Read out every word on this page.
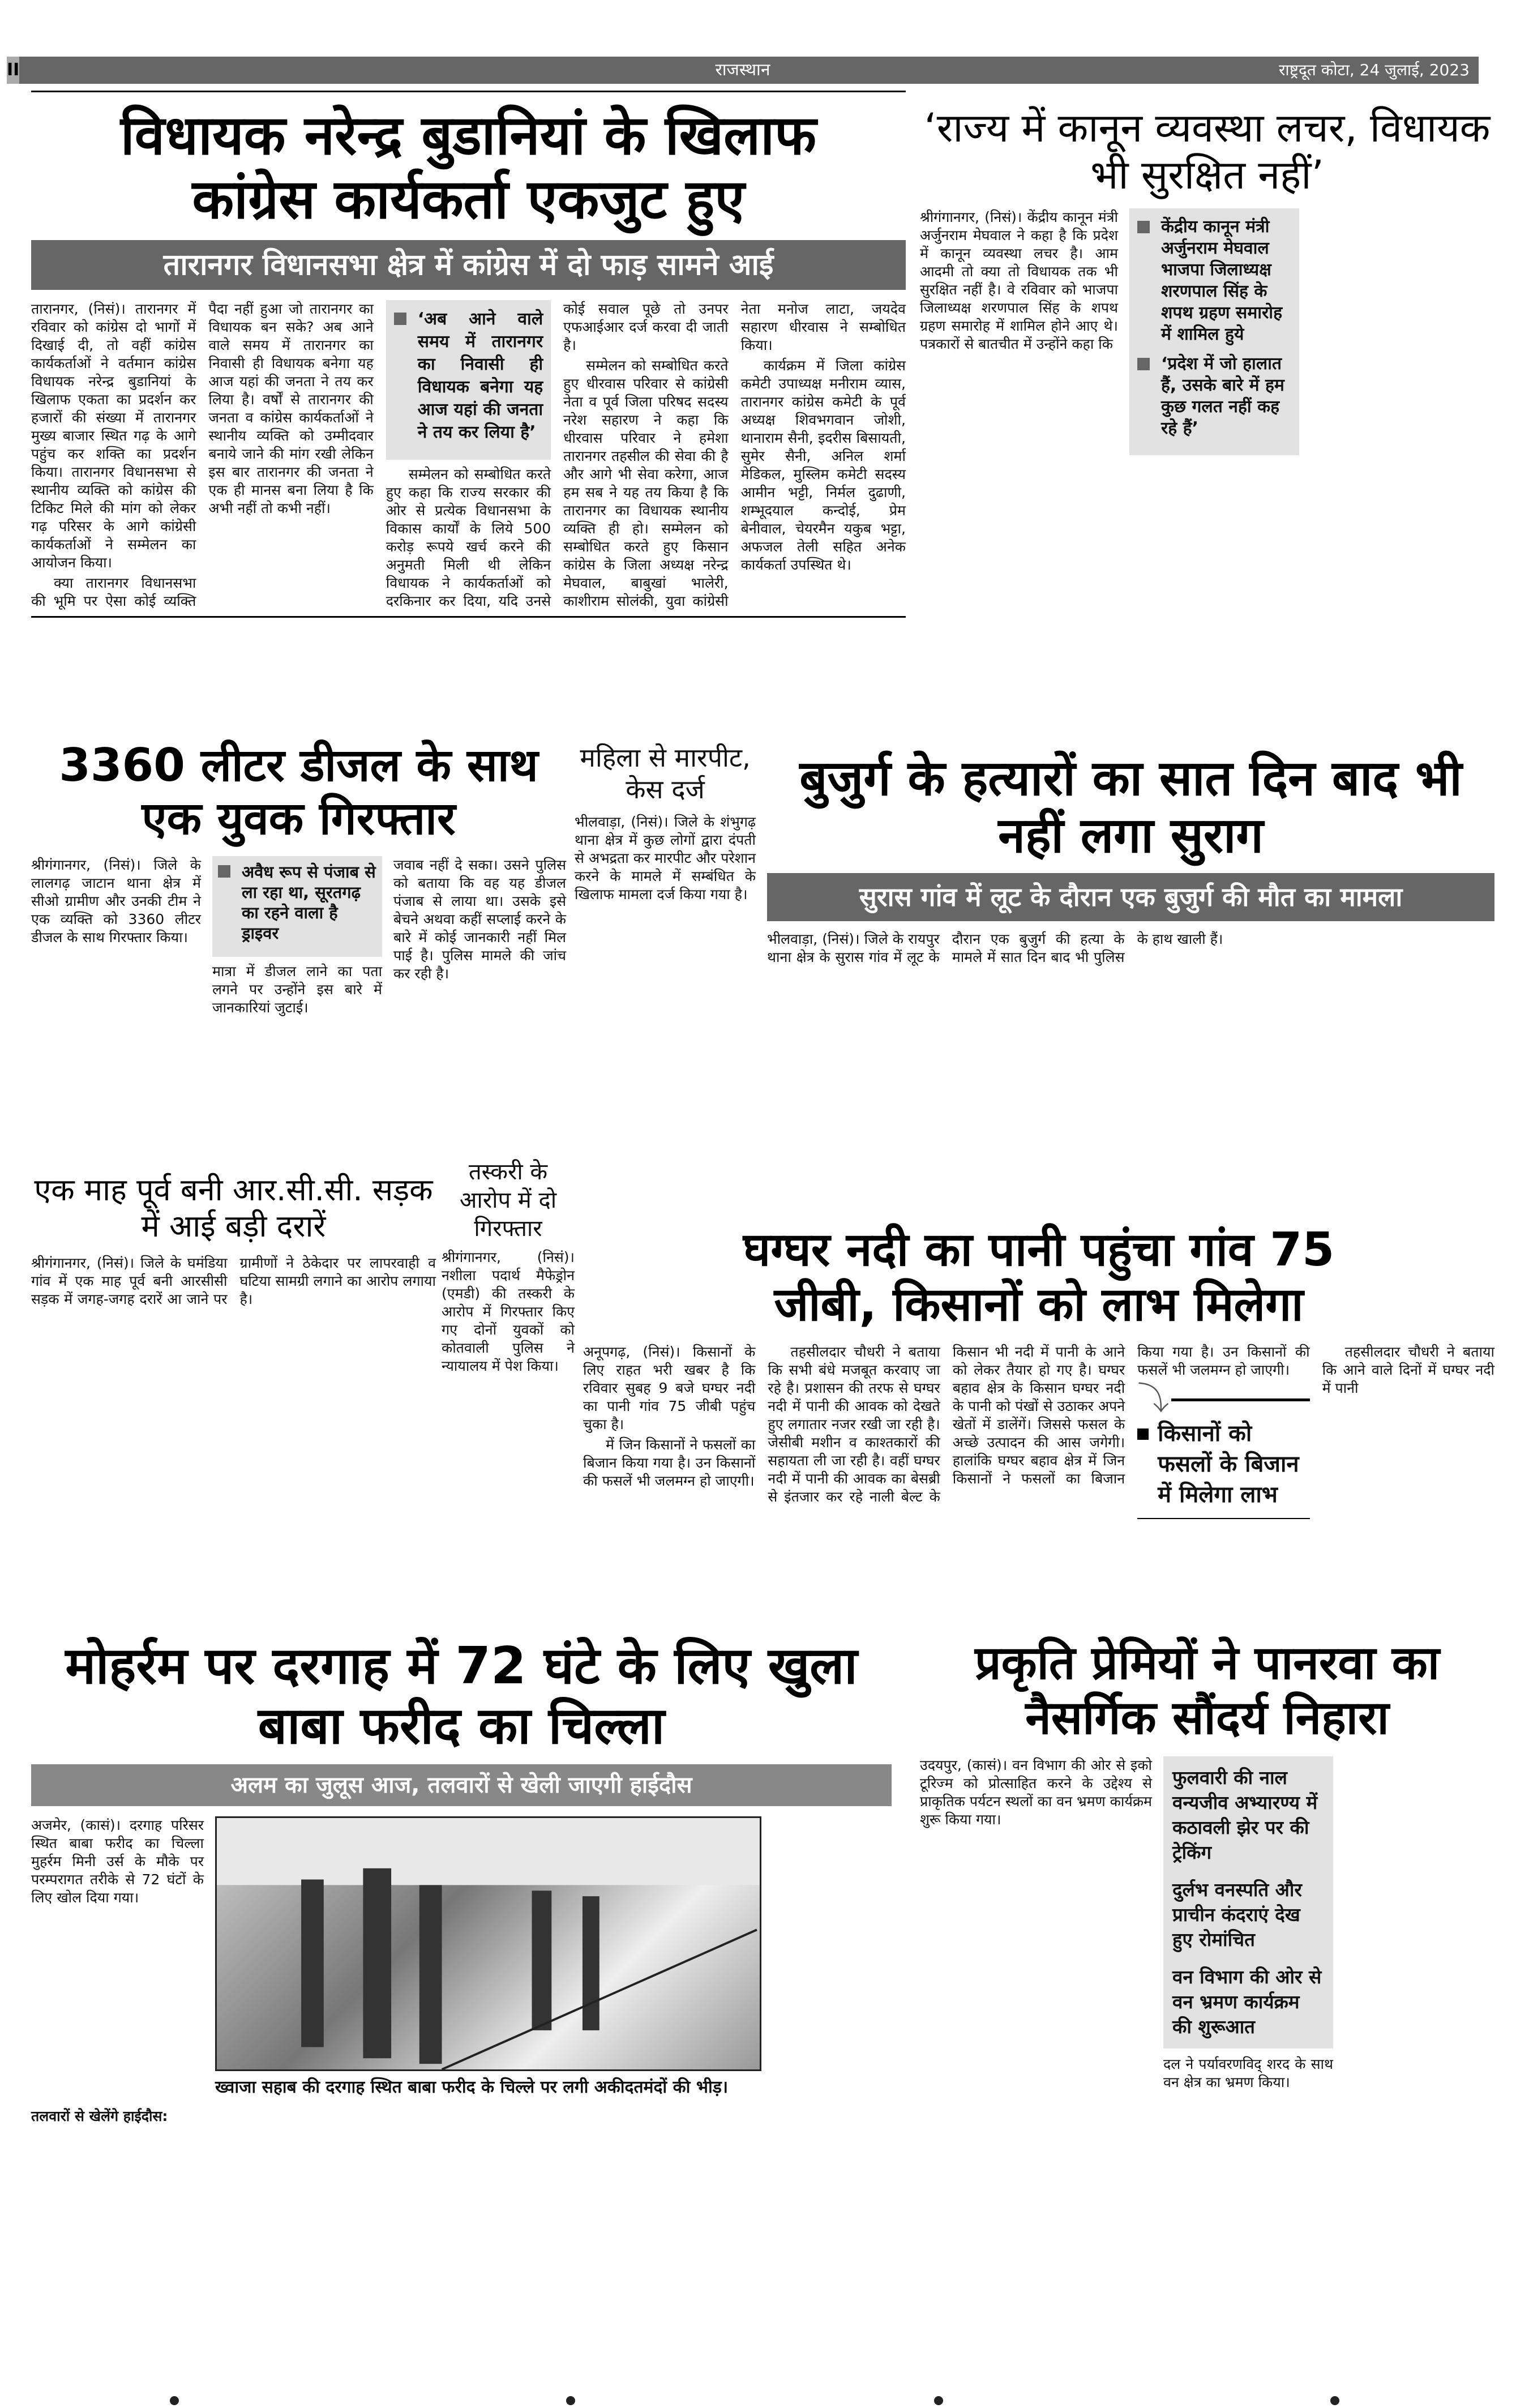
II	राजस्थान	राष्ट्रदूत कोटा, 24 जुलाई, 2023
विधायक नरेन्द्र बुडानियां के खिलाफ कांग्रेस कार्यकर्ता एकजुट हुए
तारानगर विधानसभा क्षेत्र में कांग्रेस में दो फाड़ सामने आई

तारानगर, (निसं)। तारानगर में रविवार को कांग्रेस दो भागों में दिखाई दी, तो वहीं कांग्रेस कार्यकर्ताओं ने वर्तमान कांग्रेस विधायक नरेन्द्र बुडानियां के खिलाफ एकता का प्रदर्शन कर हजारों की संख्या में तारानगर मुख्य बाजार स्थित गढ़ के आगे पहुंच कर शक्ति का प्रदर्शन किया। तारानगर विधानसभा से स्थानीय व्यक्ति को कांग्रेस की टिकिट मिले की मांग को लेकर गढ़ परिसर के आगे कांग्रेसी कार्यकर्ताओं ने सम्मेलन का आयोजन किया।

क्या तारानगर विधानसभा की भूमि पर ऐसा कोई व्यक्ति पैदा नहीं हुआ जो तारानगर का विधायक बन सके? अब आने वाले समय में तारानगर का निवासी ही विधायक बनेगा यह आज यहां की जनता ने तय कर लिया है। वर्षों से तारानगर की जनता व कांग्रेस कार्यकर्ताओं ने स्थानीय व्यक्ति को उम्मीदवार बनाये जाने की मांग रखी लेकिन इस बार तारानगर की जनता ने एक ही मानस बना लिया है कि अभी नहीं तो कभी नहीं।

‘अब आने वाले समय में तारानगर का निवासी ही विधायक बनेगा यह आज यहां की जनता ने तय कर लिया है’

सम्मेलन को सम्बोधित करते हुए कहा कि राज्य सरकार की ओर से प्रत्येक विधानसभा के विकास कार्यों के लिये 500 करोड़ रूपये खर्च करने की अनुमती मिली थी लेकिन विधायक ने कार्यकर्ताओं को दरकिनार कर दिया, यदि उनसे कोई सवाल पूछे तो उनपर एफआईआर दर्ज करवा दी जाती है।

सम्मेलन को सम्बोधित करते हुए धीरवास परिवार से कांग्रेसी नेता व पूर्व जिला परिषद सदस्य नरेश सहारण ने कहा कि धीरवास परिवार ने हमेशा तारानगर तहसील की सेवा की है और आगे भी सेवा करेगा, आज हम सब ने यह तय किया है कि तारानगर का विधायक स्थानीय व्यक्ति ही हो। सम्मेलन को सम्बोधित करते हुए किसान कांग्रेस के जिला अध्यक्ष नरेन्द्र मेघवाल, बाबुखां भालेरी, काशीराम सोलंकी, युवा कांग्रेसी नेता मनोज लाटा, जयदेव सहारण धीरवास ने सम्बोधित किया।

कार्यक्रम में जिला कांग्रेस कमेटी उपाध्यक्ष मनीराम व्यास, तारानगर कांग्रेस कमेटी के पूर्व अध्यक्ष शिवभगवान जोशी, थानाराम सैनी, इदरीस बिसायती, सुमेर सैनी, अनिल शर्मा मेडिकल, मुस्लिम कमेटी सदस्य आमीन भट्टी, निर्मल दुढाणी, शम्भूदयाल कन्दोई, प्रेम बेनीवाल, चेयरमैन यकुब भट्टा, अफजल तेली सहित अनेक कार्यकर्ता उपस्थित थे।

‘राज्य में कानून व्यवस्था लचर, विधायक भी सुरक्षित नहीं’

श्रीगंगानगर, (निसं)। केंद्रीय कानून मंत्री अर्जुनराम मेघवाल ने कहा है कि प्रदेश में कानून व्यवस्था लचर है। आम आदमी तो क्या तो विधायक तक भी सुरक्षित नहीं है। वे रविवार को भाजपा जिलाध्यक्ष शरणपाल सिंह के शपथ ग्रहण समारोह में शामिल होने आए थे। पत्रकारों से बातचीत में उन्होंने कहा कि

केंद्रीय कानून मंत्री अर्जुनराम मेघवाल भाजपा जिलाध्यक्ष शरणपाल सिंह के शपथ ग्रहण समारोह में शामिल हुये
‘प्रदेश में जो हालात हैं, उसके बारे में हम कुछ गलत नहीं कह रहे हैं’
3360 लीटर डीजल के साथ एक युवक गिरफ्तार

श्रीगंगानगर, (निसं)। जिले के लालगढ़ जाटान थाना क्षेत्र में सीओ ग्रामीण और उनकी टीम ने एक व्यक्ति को 3360 लीटर डीजल के साथ गिरफ्तार किया।

अवैध रूप से पंजाब से ला रहा था, सूरतगढ़ का रहने वाला है ड्राइवर

मात्रा में डीजल लाने का पता लगने पर उन्होंने इस बारे में जानकारियां जुटाई।

जवाब नहीं दे सका। उसने पुलिस को बताया कि वह यह डीजल पंजाब से लाया था। उसके इसे बेचने अथवा कहीं सप्लाई करने के बारे में कोई जानकारी नहीं मिल पाई है। पुलिस मामले की जांच कर रही है।

महिला से मारपीट, केस दर्ज

भीलवाड़ा, (निसं)। जिले के शंभुगढ़ थाना क्षेत्र में कुछ लोगों द्वारा दंपती से अभद्रता कर मारपीट और परेशान करने के मामले में सम्बंधित के खिलाफ मामला दर्ज किया गया है।

बुजुर्ग के हत्यारों का सात दिन बाद भी नहीं लगा सुराग
सुरास गांव में लूट के दौरान एक बुजुर्ग की मौत का मामला

भीलवाड़ा, (निसं)। जिले के रायपुर थाना क्षेत्र के सुरास गांव में लूट के दौरान एक बुजुर्ग की हत्या के मामले में सात दिन बाद भी पुलिस के हाथ खाली हैं।

एक माह पूर्व बनी आर.सी.सी. सड़क में आई बड़ी दरारें

श्रीगंगानगर, (निसं)। जिले के घमंडिया गांव में एक माह पूर्व बनी आरसीसी सड़क में जगह-जगह दरारें आ जाने पर ग्रामीणों ने ठेकेदार पर लापरवाही व घटिया सामग्री लगाने का आरोप लगाया है।

तस्करी के आरोप में दो गिरफ्तार

श्रीगंगानगर, (निसं)। नशीला पदार्थ मैफेड्रोन (एमडी) की तस्करी के आरोप में गिरफ्तार किए गए दोनों युवकों को कोतवाली पुलिस ने न्यायालय में पेश किया।

घग्घर नदी का पानी पहुंचा गांव 75 जीबी, किसानों को लाभ मिलेगा

अनूपगढ़, (निसं)। किसानों के लिए राहत भरी खबर है कि रविवार सुबह 9 बजे घग्घर नदी का पानी गांव 75 जीबी पहुंच चुका है।

में जिन किसानों ने फसलों का बिजान किया गया है। उन किसानों की फसलें भी जलमग्न हो जाएगी।

तहसीलदार चौधरी ने बताया कि सभी बंधे मजबूत करवाए जा रहे है। प्रशासन की तरफ से घग्घर नदी में पानी की आवक को देखते हुए लगातार नजर रखी जा रही है। जेसीबी मशीन व काश्तकारों की सहायता ली जा रही है। वहीं घग्घर नदी में पानी की आवक का बेसब्री से इंतजार कर रहे नाली बेल्ट के किसान भी नदी में पानी के आने को लेकर तैयार हो गए है। घग्घर बहाव क्षेत्र के किसान घग्घर नदी के पानी को पंखों से उठाकर अपने खेतों में डालेंगें। जिससे फसल के अच्छे उत्पादन की आस जगेगी। हालांकि घग्घर बहाव क्षेत्र में जिन किसानों ने फसलों का बिजान किया गया है। उन किसानों की फसलें भी जलमग्न हो जाएगी।

⤵
किसानों को फसलों के बिजान में मिलेगा लाभ

तहसीलदार चौधरी ने बताया कि आने वाले दिनों में घग्घर नदी में पानी

मोहर्रम पर दरगाह में 72 घंटे के लिए खुला बाबा फरीद का चिल्ला
अलम का जुलूस आज, तलवारों से खेली जाएगी हाईदौस

अजमेर, (कासं)। दरगाह परिसर स्थित बाबा फरीद का चिल्ला मुहर्रम मिनी उर्स के मौके पर परम्परागत तरीके से 72 घंटों के लिए खोल दिया गया।

ख्वाजा सहाब की दरगाह स्थित बाबा फरीद के चिल्ले पर लगी अकीदतमंदों की भीड़।

तलवारों से खेलेंगे हाईदौस:

प्रकृति प्रेमियों ने पानरवा का नैसर्गिक सौंदर्य निहारा

उदयपुर, (कासं)। वन विभाग की ओर से इको टूरिज्म को प्रोत्साहित करने के उद्देश्य से प्राकृतिक पर्यटन स्थलों का वन भ्रमण कार्यक्रम शुरू किया गया।

फुलवारी की नाल वन्यजीव अभ्यारण्य में कठावली झेर पर की ट्रेकिंग
दुर्लभ वनस्पति और प्राचीन कंदराएं देख हुए रोमांचित
वन विभाग की ओर से वन भ्रमण कार्यक्रम की शुरूआत

दल ने पर्यावरणविद् शरद के साथ वन क्षेत्र का भ्रमण किया।
